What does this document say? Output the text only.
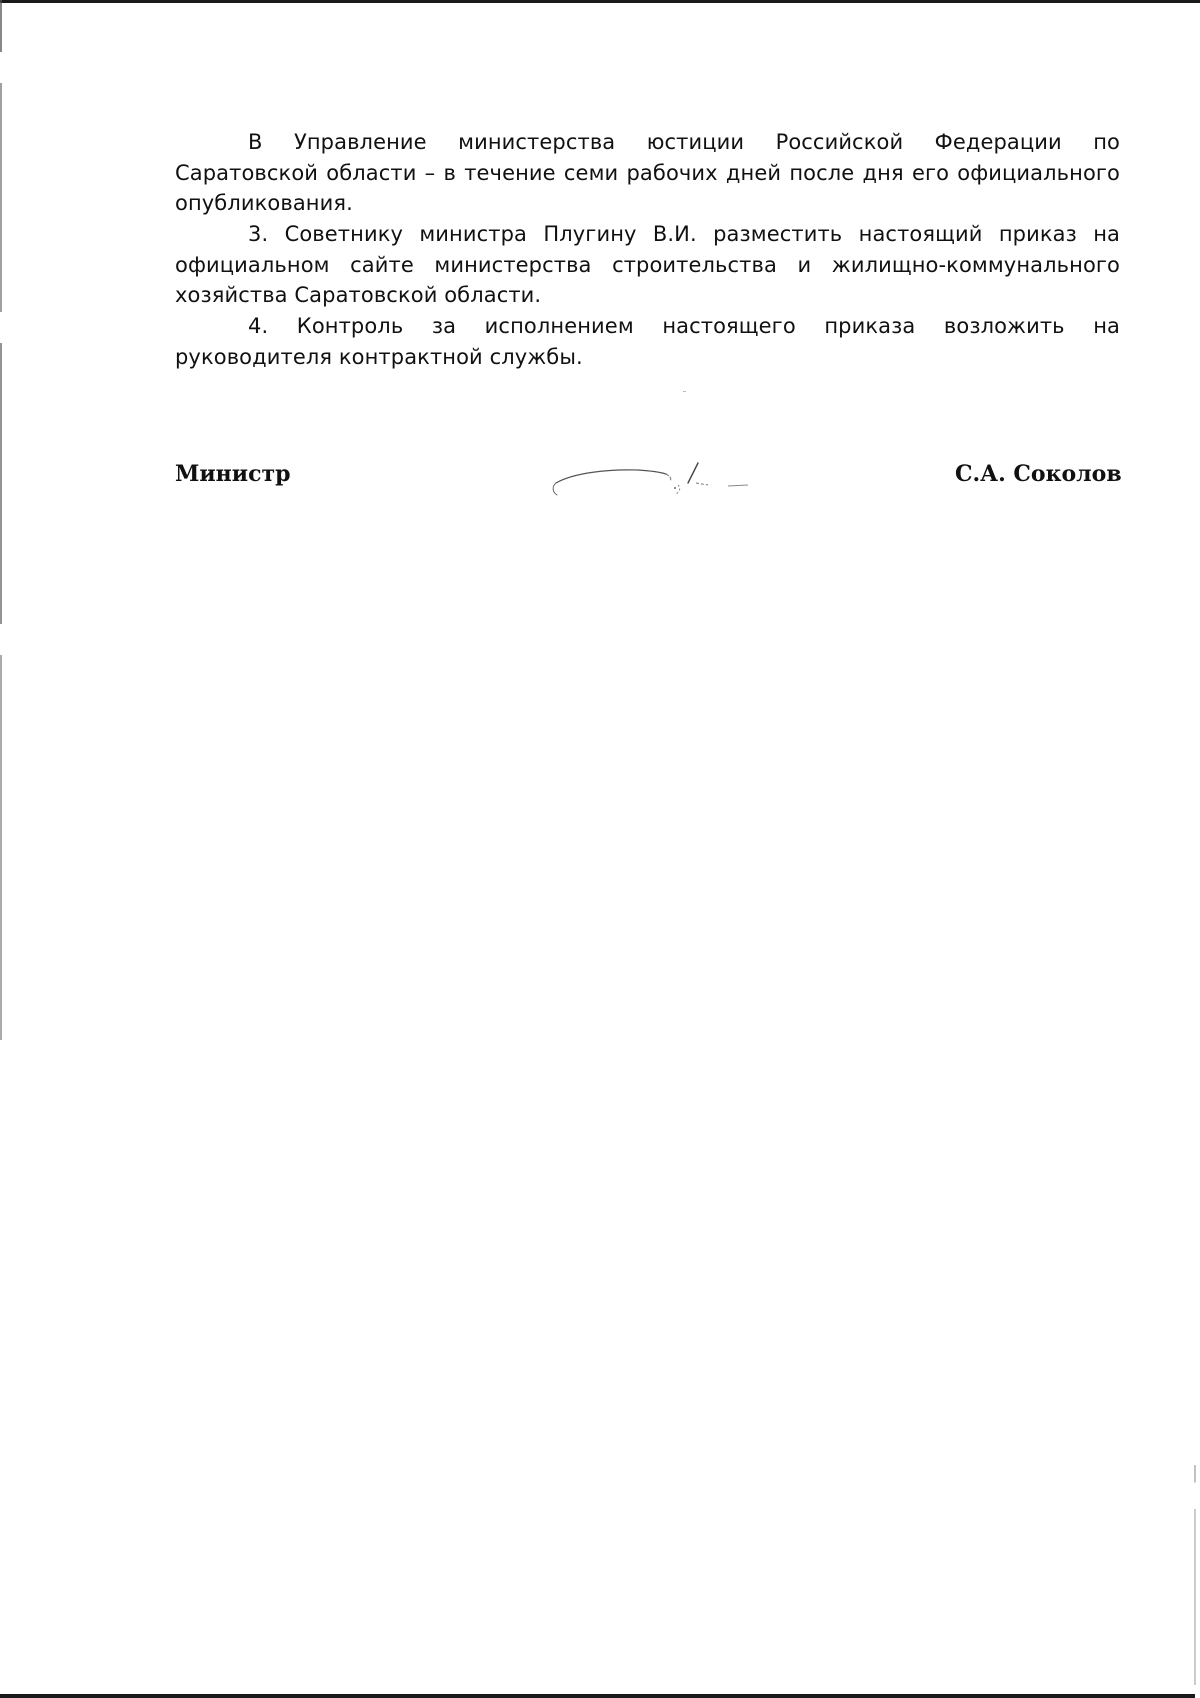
В Управление министерства юстиции Российской Федерации по Саратовской области – в течение семи рабочих дней после дня его официального опубликования.

3. Советнику министра Плугину В.И. разместить настоящий приказ на официальном сайте министерства строительства и жилищно-коммунального хозяйства Саратовской области.

4. Контроль за исполнением настоящего приказа возложить на руководителя контрактной службы.

Министр	С.А. Соколов
